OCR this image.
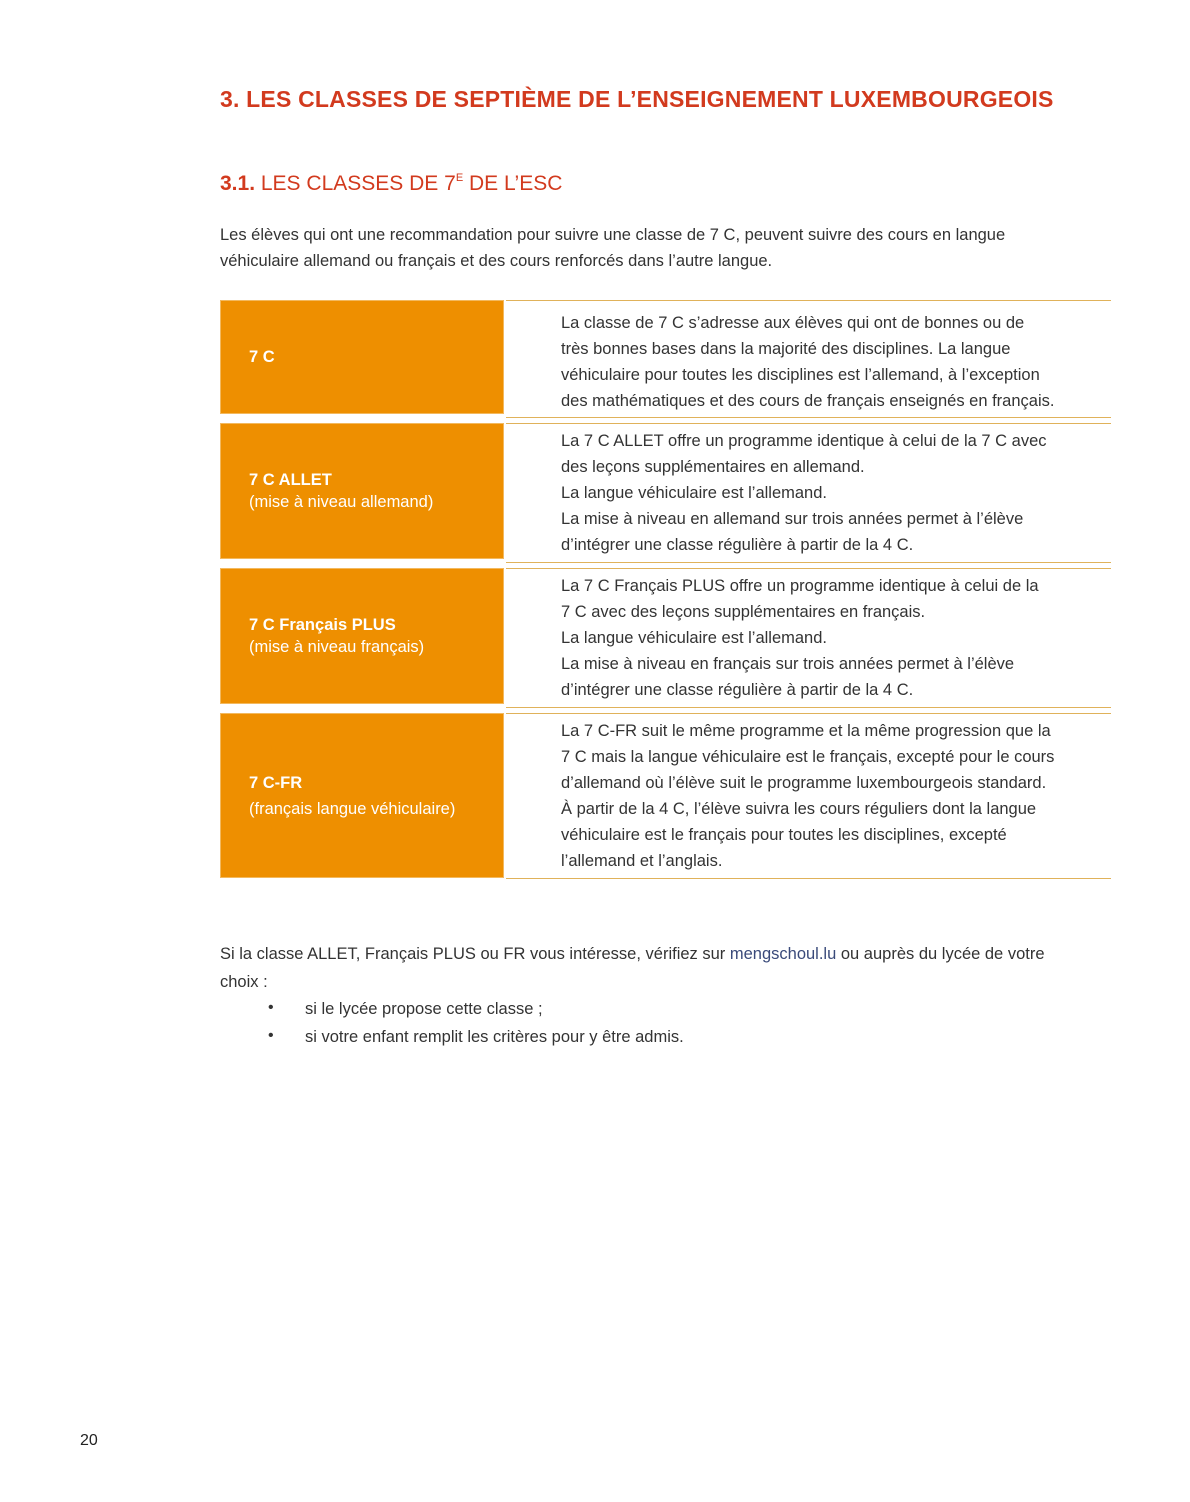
3. LES CLASSES DE SEPTIÈME DE L’ENSEIGNEMENT LUXEMBOURGEOIS
3.1. LES CLASSES DE $7^E$ DE L’ESC

Les élèves qui ont une recommandation pour suivre une classe de 7 C, peuvent suivre des cours en langue
véhiculaire allemand ou français et des cours renforcés dans l’autre langue.

7 C
La classe de 7 C s’adresse aux élèves qui ont de bonnes ou de
très bonnes bases dans la majorité des disciplines. La langue
véhiculaire pour toutes les disciplines est l’allemand, à l’exception
des mathématiques et des cours de français enseignés en français.
7 C ALLET
(mise à niveau allemand)
La 7 C ALLET offre un programme identique à celui de la 7 C avec
des leçons supplémentaires en allemand.
La langue véhiculaire est l’allemand.
La mise à niveau en allemand sur trois années permet à l’élève
d’intégrer une classe régulière à partir de la 4 C.
7 C Français PLUS
(mise à niveau français)
La 7 C Français PLUS offre un programme identique à celui de la
7 C avec des leçons supplémentaires en français.
La langue véhiculaire est l’allemand.
La mise à niveau en français sur trois années permet à l’élève
d’intégrer une classe régulière à partir de la 4 C.
7 C-FR
(français langue véhiculaire)
La 7 C-FR suit le même programme et la même progression que la
7 C mais la langue véhiculaire est le français, excepté pour le cours
d’allemand où l’élève suit le programme luxembourgeois standard.
À partir de la 4 C, l’élève suivra les cours réguliers dont la langue
véhiculaire est le français pour toutes les disciplines, excepté
l’allemand et l’anglais.
Si la classe ALLET, Français PLUS ou FR vous intéresse, vérifiez sur mengschoul.lu ou auprès du lycée de votre
choix :
• si le lycée propose cette classe ;
• si votre enfant remplit les critères pour y être admis.
20
